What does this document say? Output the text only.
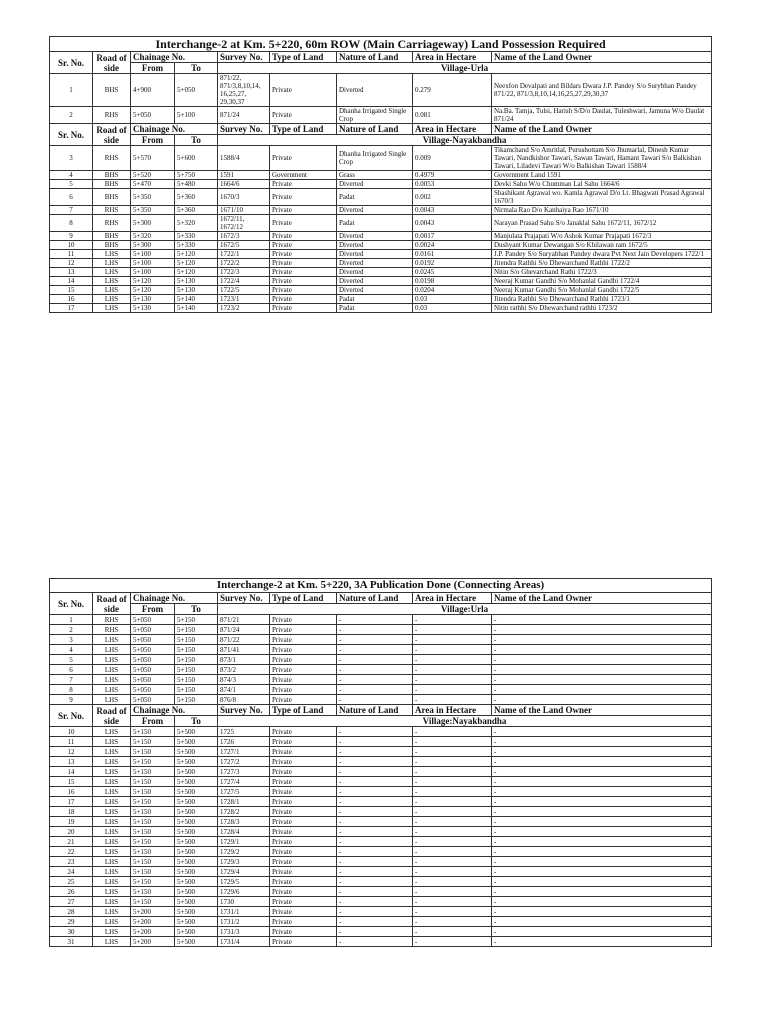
Interchange-2 at Km. 5+220, 60m ROW (Main Carriageway) Land Possession Required								
Sr. No.	Road of side	Chainage No.		Survey No.	Type of Land	Nature of Land	Area in Hectare	Name of the Land Owner
		From	To	Village-Urla				
1	BHS	4+900	5+050	871/22, 871/3,8,10,14, 16,25,27, 29,30,37	Private	Diverted	0.279	Neexfon Devalpati and Bildars Dwara J.P. Pandey S/o Surybhan Pandey 871/22, 871/3,8,10,14,16,25,27,29,30,37
2	RHS	5+050	5+100	871/24	Private	Dhanha Irrigated Single Crop	0.081	Na.Ba. Tamja, Tulsi, Harish S/D/o Daulat, Tuleshwari, Jamuna W/o Daulat 871/24
Sr. No.	Road of side	Chainage No.		Survey No.	Type of Land	Nature of Land	Area in Hectare	Name of the Land Owner
		From	To	Village-Nayakbandha				
3	RHS	5+570	5+600	1588/4	Private	Dhanha Irrigated Single Crop	0.009	Tikamchand S/o Amritlal, Purushottam S/o Jhumarlal, Dinesh Kumar Tawari, Nandkishor Tawari, Sawan Tawari, Hamant Tawari S/o Balkishan Tawari, Liladevi Tawari W/o Balkishan Tawari 1588/4
4	BHS	5+520	5+750	1591	Government	Grass	0.4979	Government Land 1591
5	BHS	5+470	5+480	1664/6	Private	Diverted	0.0053	Devki Sahu W/o Chumman Lal Sahu 1664/6
6	BHS	5+350	5+360	1670/3	Private	Padat	0.002	Shashikant Agrawal wo. Kamla Agrawal D/o Lt. Bhagwati Prasad Agrawal 1670/3
7	RHS	5+350	5+360	1671/10	Private	Diverted	0.0043	Nirmala Rao D/o Kanhaiya Rao 1671/10
8	RHS	5+300	5+320	1672/11, 1672/12	Private	Padat	0.0043	Narayan Prasad Sahu S/o Janaklal Sahu 1672/11, 1672/12
9	BHS	5+320	5+330	1672/3	Private	Diverted	0.0017	Manjulata Prajapati W/o Ashok Kumar Prajapati 1672/3
10	BHS	5+300	5+330	1672/5	Private	Diverted	0.0024	Dushyant Kumar Dewangan S/o Khilawan ram 1672/5
11	LHS	5+100	5+120	1722/1	Private	Diverted	0.0161	J.P. Pandey S/o Suryabhan Pandey dwara Pvt Next Jain Developers 1722/1
12	LHS	5+100	5+120	1722/2	Private	Diverted	0.0192	Jitendra Rathhi S/o Dhewarchand Rathhi 1722/2
13	LHS	5+100	5+120	1722/3	Private	Diverted	0.0245	Nitin S/o Ghevarchand Rathi 1722/3
14	LHS	5+120	5+130	1722/4	Private	Diverted	0.0198	Neeraj Kumar Gandhi S/o Mohanlal Gandhi 1722/4
15	LHS	5+120	5+130	1722/5	Private	Diverted	0.0204	Neeraj Kumar Gandhi S/o Mohanlal Gandhi 1722/5
16	LHS	5+130	5+140	1723/1	Private	Padat	0.03	Jitendra Rathhi S/o Dhewarchand Rathhi 1723/1
17	LHS	5+130	5+140	1723/2	Private	Padat	0.03	Nitin rathhi S/o Dhewarchand rathhi 1723/2
Interchange-2 at Km. 5+220, 3A Publication Done (Connecting Areas)								
Sr. No.	Road of side	Chainage No.		Survey No.	Type of Land	Nature of Land	Area in Hectare	Name of the Land Owner
		From	To	Village:Urla				
1	RHS	5+050	5+150	871/21	Private	-	-	-
2	RHS	5+050	5+150	871/24	Private	-	-	-
3	LHS	5+050	5+150	871/22	Private	-	-	-
4	LHS	5+050	5+150	871/41	Private	-	-	-
5	LHS	5+050	5+150	873/1	Private	-	-	-
6	LHS	5+050	5+150	873/2	Private	-	-	-
7	LHS	5+050	5+150	874/3	Private	-	-	-
8	LHS	5+050	5+150	874/1	Private	-	-	-
9	LHS	5+050	5+150	876/8	Private	-	-	-
Sr. No.	Road of side	Chainage No.		Survey No.	Type of Land	Nature of Land	Area in Hectare	Name of the Land Owner
		From	To	Village:Nayakbandha				
10	LHS	5+150	5+500	1725	Private	-	-	-
11	LHS	5+150	5+500	1726	Private	-	-	-
12	LHS	5+150	5+500	1727/1	Private	-	-	-
13	LHS	5+150	5+500	1727/2	Private	-	-	-
14	LHS	5+150	5+500	1727/3	Private	-	-	-
15	LHS	5+150	5+500	1727/4	Private	-	-	-
16	LHS	5+150	5+500	1727/5	Private	-	-	-
17	LHS	5+150	5+500	1728/1	Private	-	-	-
18	LHS	5+150	5+500	1728/2	Private	-	-	-
19	LHS	5+150	5+500	1728/3	Private	-	-	-
20	LHS	5+150	5+500	1728/4	Private	-	-	-
21	LHS	5+150	5+500	1729/1	Private	-	-	-
22	LHS	5+150	5+500	1729/2	Private	-	-	-
23	LHS	5+150	5+500	1729/3	Private	-	-	-
24	LHS	5+150	5+500	1729/4	Private	-	-	-
25	LHS	5+150	5+500	1729/5	Private	-	-	-
26	LHS	5+150	5+500	1729/6	Private	-	-	-
27	LHS	5+150	5+500	1730	Private	-	-	-
28	LHS	5+200	5+500	1731/1	Private	-	-	-
29	LHS	5+200	5+500	1731/2	Private	-	-	-
30	LHS	5+200	5+500	1731/3	Private	-	-	-
31	LHS	5+200	5+500	1731/4	Private	-	-	-
